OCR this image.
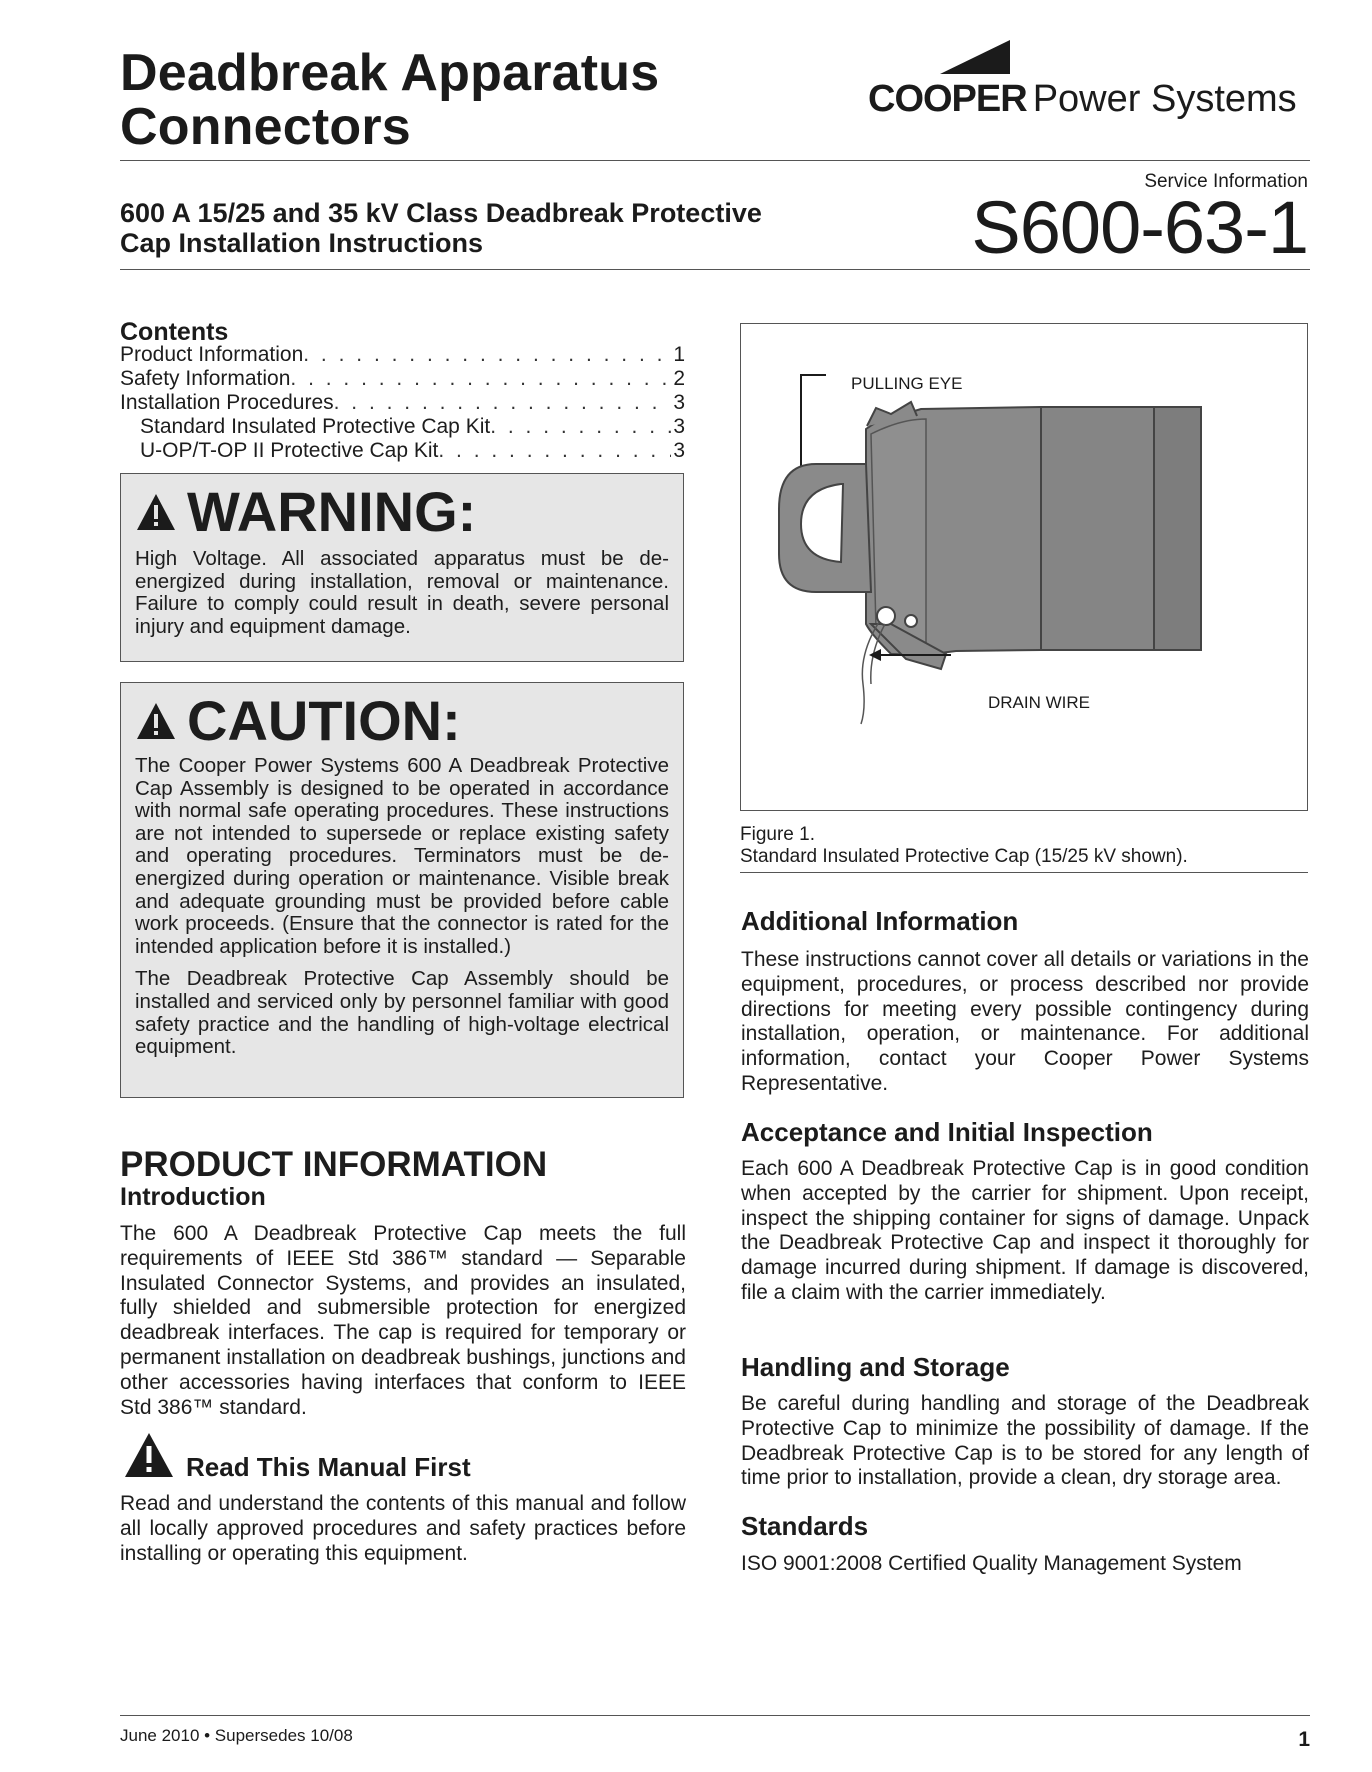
Deadbreak Apparatus
Connectors	COOPER Power Systems
Service Information
600 A 15/25 and 35 kV Class Deadbreak Protective
Cap Installation Instructions	S600-63-1
Contents
Product Information . . .	1
Safety Information . . .	2
Installation Procedures . . .	3
Standard Insulated Protective Cap Kit . . .	3
U-OP/T-OP II Protective Cap Kit . . .	3
WARNING:

High Voltage. All associated apparatus must be de-energized during installation, removal or maintenance. Failure to comply could result in death, severe personal injury and equipment damage.

CAUTION:

The Cooper Power Systems 600 A Deadbreak Protective Cap Assembly is designed to be operated in accordance with normal safe operating procedures. These instructions are not intended to supersede or replace existing safety and operating procedures. Terminators must be de-energized during operation or maintenance. Visible break and adequate grounding must be provided before cable work proceeds. (Ensure that the connector is rated for the intended application before it is installed.)

The Deadbreak Protective Cap Assembly should be installed and serviced only by personnel familiar with good safety practice and the handling of high-voltage electrical equipment.

PRODUCT INFORMATION
Introduction

The 600 A Deadbreak Protective Cap meets the full requirements of IEEE Std 386™ standard — Separable Insulated Connector Systems, and provides an insulated, fully shielded and submersible protection for energized deadbreak interfaces. The cap is required for temporary or permanent installation on deadbreak bushings, junctions and other accessories having interfaces that conform to IEEE Std 386™ standard.

Read This Manual First

Read and understand the contents of this manual and follow all locally approved procedures and safety practices before installing or operating this equipment.

PULLING EYE
DRAIN WIRE
Figure 1.
Standard Insulated Protective Cap (15/25 kV shown).
Additional Information

These instructions cannot cover all details or variations in the equipment, procedures, or process described nor provide directions for meeting every possible contingency during installation, operation, or maintenance. For additional information, contact your Cooper Power Systems Representative.

Acceptance and Initial Inspection

Each 600 A Deadbreak Protective Cap is in good condition when accepted by the carrier for shipment. Upon receipt, inspect the shipping container for signs of damage. Unpack the Deadbreak Protective Cap and inspect it thoroughly for damage incurred during shipment. If damage is discovered, file a claim with the carrier immediately.

Handling and Storage

Be careful during handling and storage of the Deadbreak Protective Cap to minimize the possibility of damage. If the Deadbreak Protective Cap is to be stored for any length of time prior to installation, provide a clean, dry storage area.

Standards

ISO 9001:2008 Certified Quality Management System

June 2010 • Supersedes 10/08	1
